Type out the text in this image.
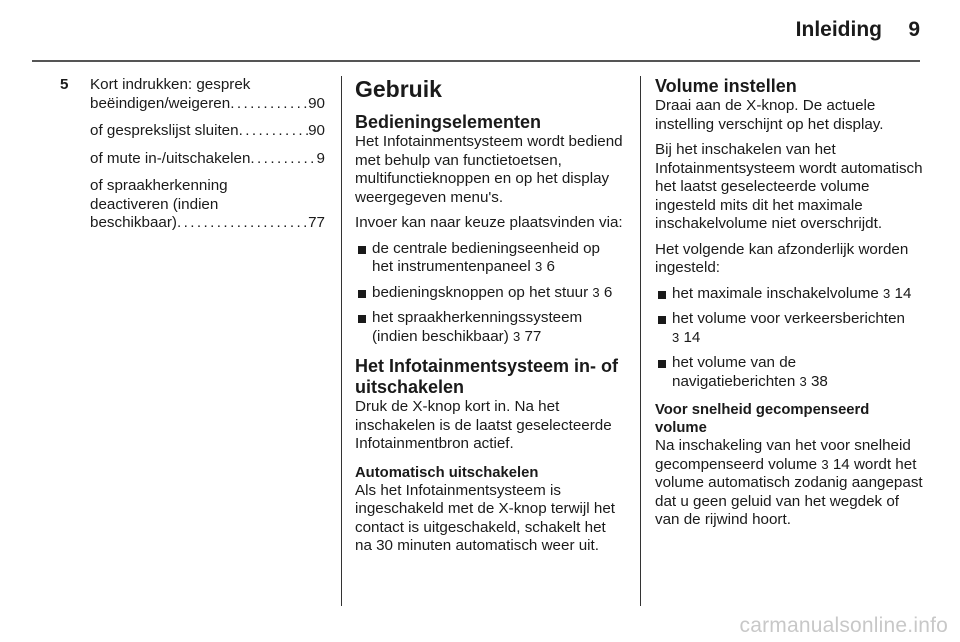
Inleiding 9
5 Kort indrukken: gesprek
beëindigen/weigeren . . .	90
of gesprekslijst sluiten . . .	90
of mute in-/uitschakelen . . .	9
of spraakherkenning
deactiveren (indien
beschikbaar) . . .	77
Gebruik
Bedieningselementen

Het Infotainmentsysteem wordt bediend met behulp van functietoetsen, multifunctieknoppen en op het display weergegeven menu's.

Invoer kan naar keuze plaatsvinden via:

de centrale bedieningseenheid op het instrumentenpaneel 3 6
bedieningsknoppen op het stuur 3 6
het spraakherkenningssysteem (indien beschikbaar) 3 77
Het Infotainmentsysteem in- of uitschakelen

Druk de X-knop kort in. Na het inschakelen is de laatst geselecteerde Infotainmentbron actief.

Automatisch uitschakelen

Als het Infotainmentsysteem is ingeschakeld met de X-knop terwijl het contact is uitgeschakeld, schakelt het na 30 minuten automatisch weer uit.

Volume instellen

Draai aan de X-knop. De actuele instelling verschijnt op het display.

Bij het inschakelen van het Infotainmentsysteem wordt automatisch het laatst geselecteerde volume ingesteld mits dit het maximale inschakelvolume niet overschrijdt.

Het volgende kan afzonderlijk worden ingesteld:

het maximale inschakelvolume 3 14
het volume voor verkeersberichten 3 14
het volume van de navigatieberichten 3 38
Voor snelheid gecompenseerd volume

Na inschakeling van het voor snelheid gecompenseerd volume 3 14 wordt het volume automatisch zodanig aangepast dat u geen geluid van het wegdek of van de rijwind hoort.

carmanualsonline.info
